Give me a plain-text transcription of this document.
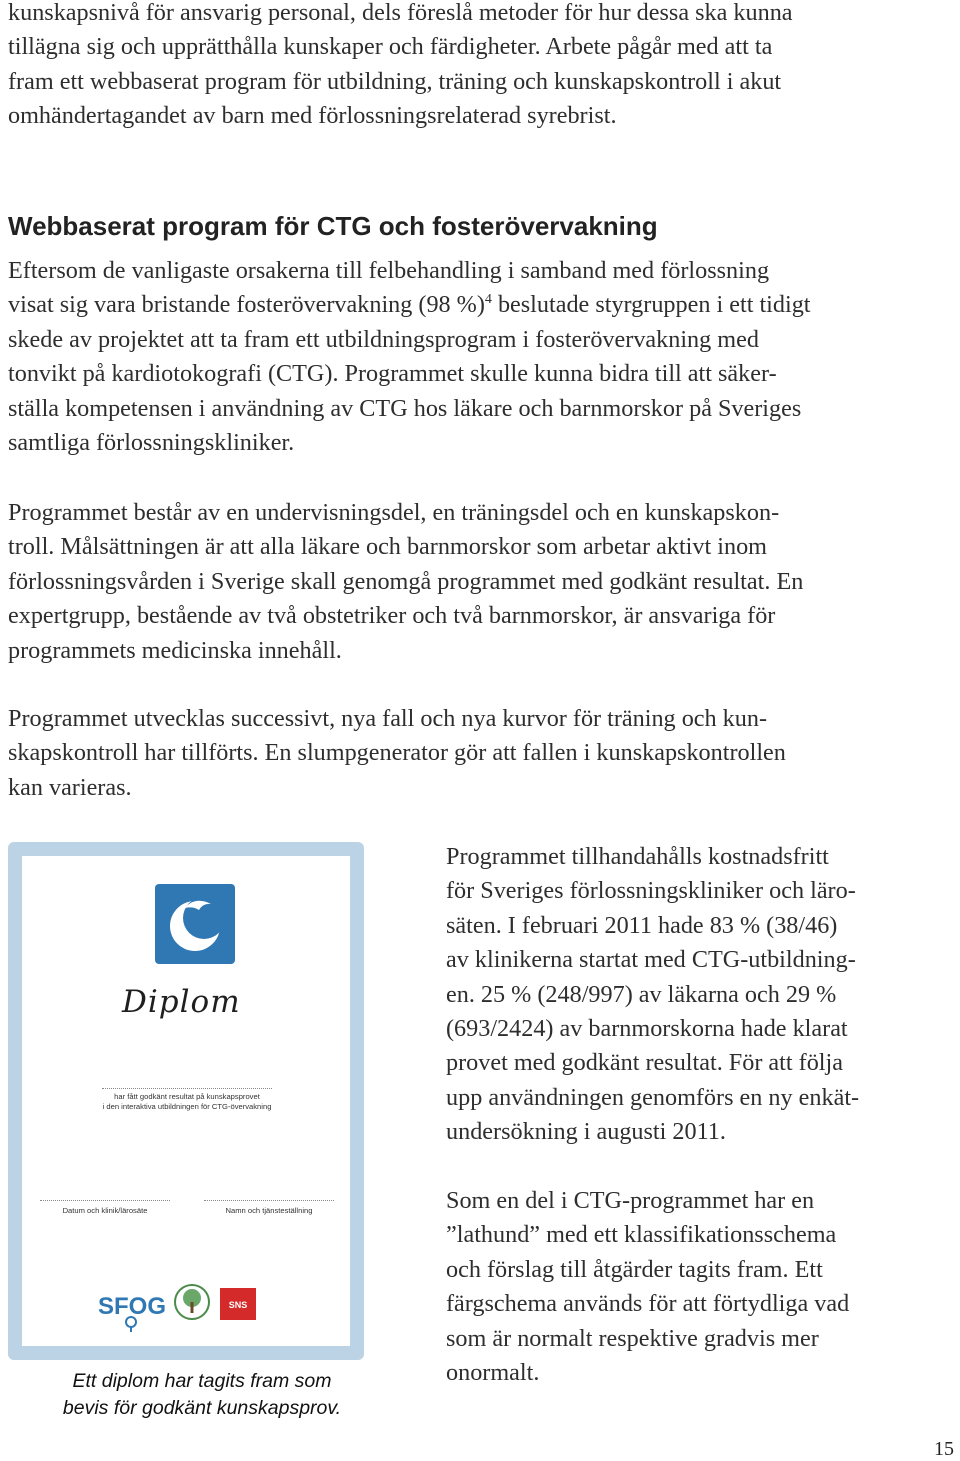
kunskapsnivå för ansvarig personal, dels föreslå metoder för hur dessa ska kunna
tillägna sig och upprätthålla kunskaper och färdigheter. Arbete pågår med att ta
fram ett webbaserat program för utbildning, träning och kunskapskontroll i akut
omhändertagandet av barn med förlossningsrelaterad syrebrist.

Webbaserat program för CTG och fosterövervakning

Eftersom de vanligaste orsakerna till felbehandling i samband med förlossning
visat sig vara bristande fosterövervakning (98 %)$^4$ beslutade styrgruppen i ett tidigt
skede av projektet att ta fram ett utbildningsprogram i fosterövervakning med
tonvikt på kardiotokografi (CTG). Programmet skulle kunna bidra till att säker-
ställa kompetensen i användning av CTG hos läkare och barnmorskor på Sveriges
samtliga förlossningskliniker.

Programmet består av en undervisningsdel, en träningsdel och en kunskapskon-
troll. Målsättningen är att alla läkare och barnmorskor som arbetar aktivt inom
förlossningsvården i Sverige skall genomgå programmet med godkänt resultat. En
expertgrupp, bestående av två obstetriker och två barnmorskor, är ansvariga för
programmets medicinska innehåll.

Programmet utvecklas successivt, nya fall och nya kurvor för träning och kun-
skapskontroll har tillförts. En slumpgenerator gör att fallen i kunskapskontrollen
kan varieras.

Programmet tillhandahålls kostnadsfritt
för Sveriges förlossningskliniker och läro-
säten. I februari 2011 hade 83 % (38/46)
av klinikerna startat med CTG-utbildning-
en. 25 % (248/997) av läkarna och 29 %
(693/2424) av barnmorskorna hade klarat
provet med godkänt resultat. För att följa
upp användningen genomförs en ny enkät-
undersökning i augusti 2011.

Som en del i CTG-programmet har en
”lathund” med ett klassifikationsschema
och förslag till åtgärder tagits fram. Ett
färgschema används för att förtydliga vad
som är normalt respektive gradvis mer
onormalt.

Diplom
har fått godkänt resultat på kunskapsprovet
i den interaktiva utbildningen för CTG-övervakning
Datum och klinik/lärosäte	Namn och tjänsteställning
SFOG	SNS
Ett diplom har tagits fram som
bevis för godkänt kunskapsprov.
15
